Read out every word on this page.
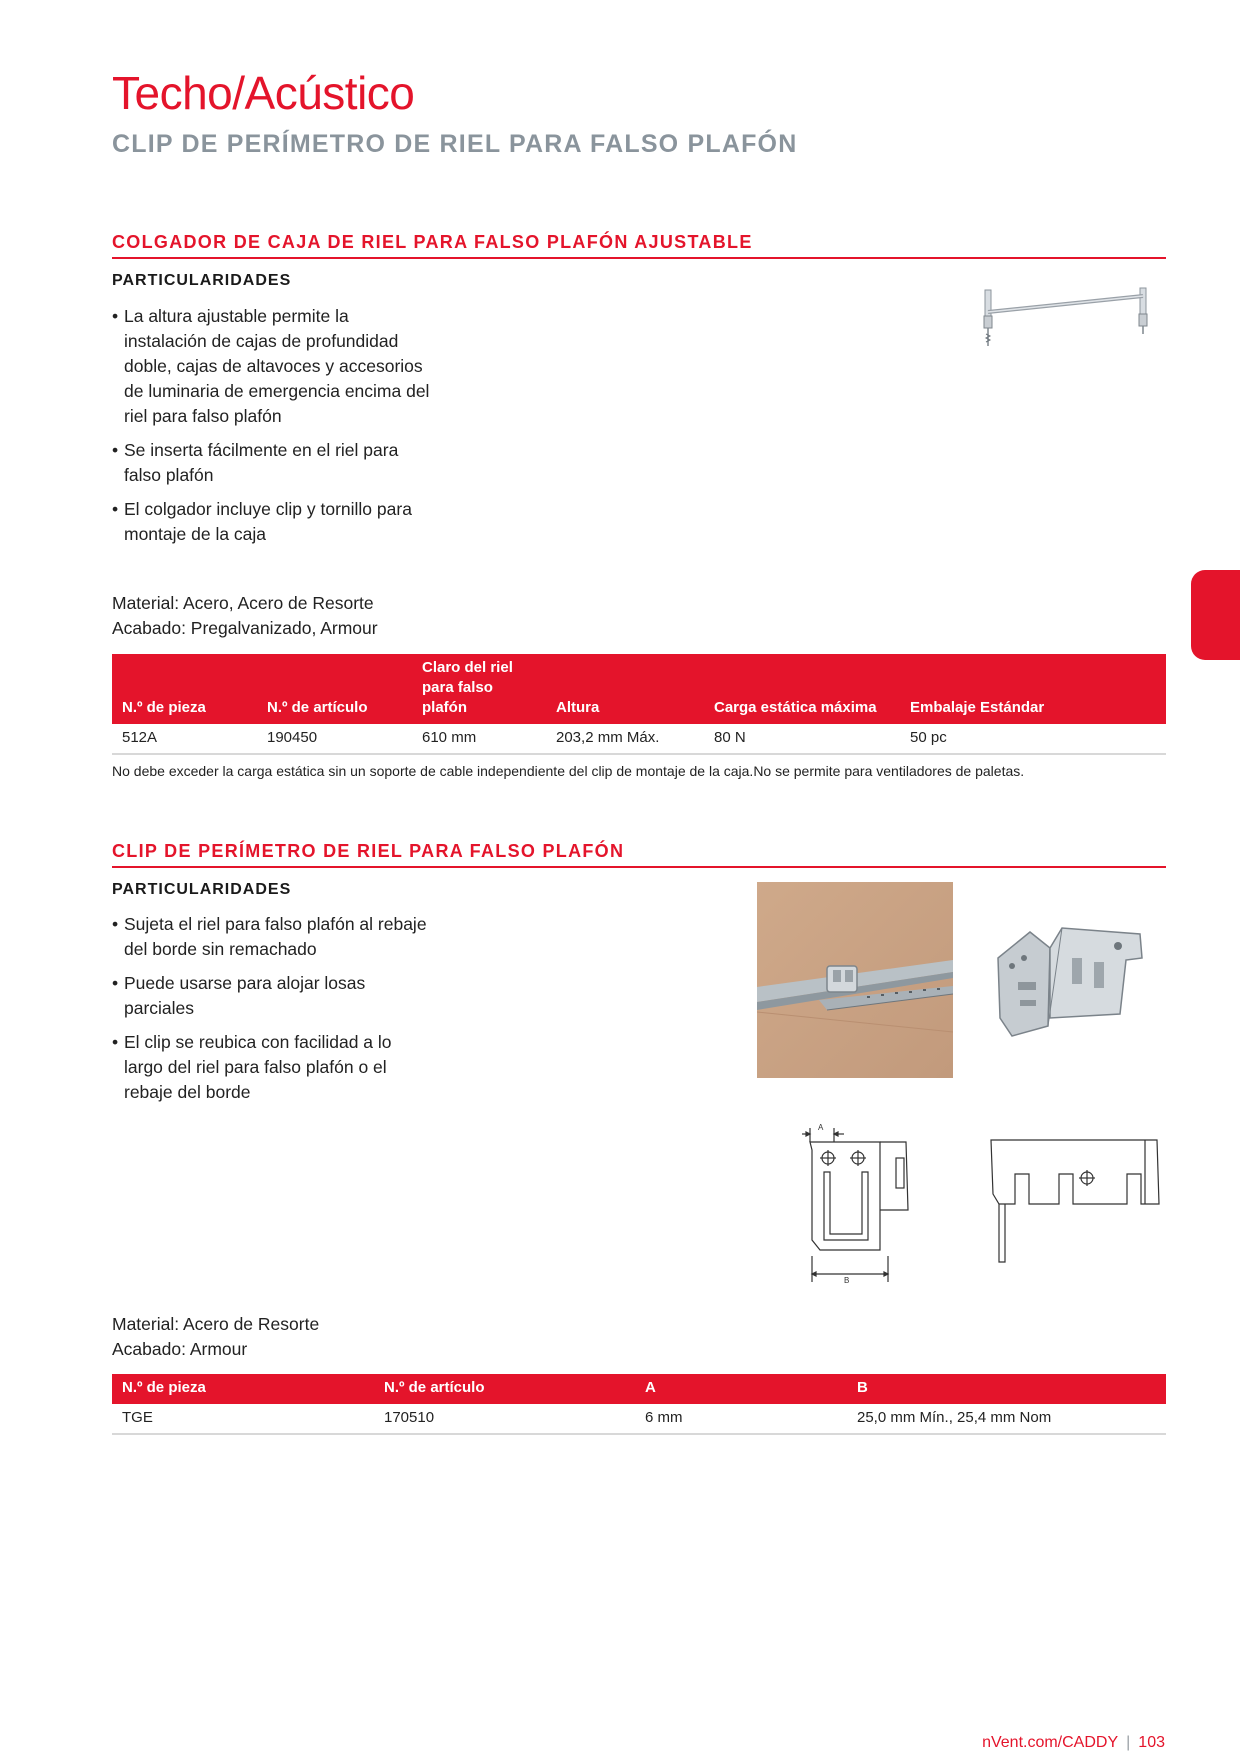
Techo/Acústico
CLIP DE PERÍMETRO DE RIEL PARA FALSO PLAFÓN
COLGADOR DE CAJA DE RIEL PARA FALSO PLAFÓN AJUSTABLE
PARTICULARIDADES
• La altura ajustable permite la instalación de cajas de profundidad doble, cajas de altavoces y accesorios de luminaria de emergencia encima del riel para falso plafón
• Se inserta fácilmente en el riel para falso plafón
• El colgador incluye clip y tornillo para montaje de la caja
Material: Acero, Acero de Resorte
Acabado: Pregalvanizado, Armour
N.º de pieza	N.º de artículo	Claro del riel para falso plafón	Altura	Carga estática máxima	Embalaje Estándar
512A	190450	610 mm	203,2 mm Máx.	80 N	50 pc
No debe exceder la carga estática sin un soporte de cable independiente del clip de montaje de la caja.No se permite para ventiladores de paletas.
CLIP DE PERÍMETRO DE RIEL PARA FALSO PLAFÓN
PARTICULARIDADES
• Sujeta el riel para falso plafón al rebaje del borde sin remachado
• Puede usarse para alojar losas parciales
• El clip se reubica con facilidad a lo largo del riel para falso plafón o el rebaje del borde
A
B
Material: Acero de Resorte
Acabado: Armour
N.º de pieza	N.º de artículo	A	B
TGE	170510	6 mm	25,0 mm Mín., 25,4 mm Nom
nVent.com/CADDY | 103
